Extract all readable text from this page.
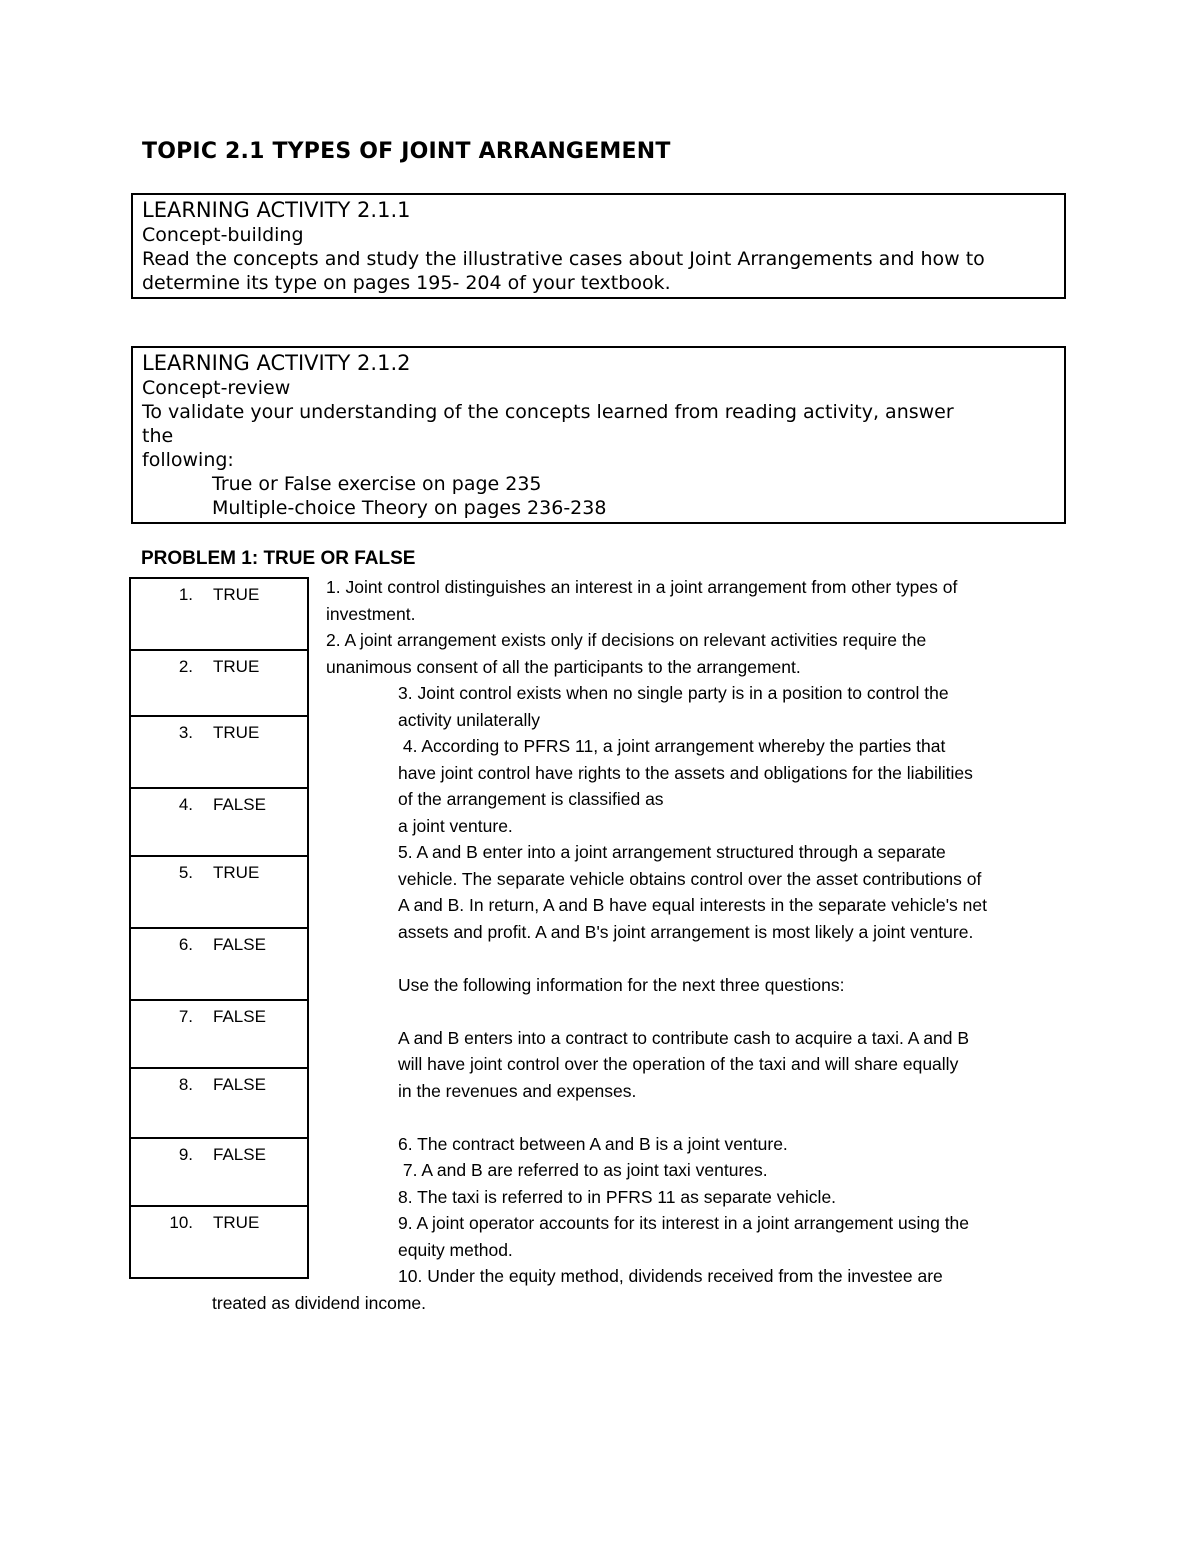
TOPIC 2.1 TYPES OF JOINT ARRANGEMENT
LEARNING ACTIVITY 2.1.1
Concept-building
Read the concepts and study the illustrative cases about Joint Arrangements and how to
determine its type on pages 195- 204 of your textbook.
LEARNING ACTIVITY 2.1.2
Concept-review
To validate your understanding of the concepts learned from reading activity, answer
the
following:
True or False exercise on page 235
Multiple-choice Theory on pages 236-238
PROBLEM 1: TRUE OR FALSE
1. TRUE
2. TRUE
3. TRUE
4. FALSE
5. TRUE
6. FALSE
7. FALSE
8. FALSE
9. FALSE
10. TRUE

1. Joint control distinguishes an interest in a joint arrangement from other types of

investment.

2. A joint arrangement exists only if decisions on relevant activities require the

unanimous consent of all the participants to the arrangement.

3. Joint control exists when no single party is in a position to control the

activity unilaterally

4. According to PFRS 11, a joint arrangement whereby the parties that

have joint control have rights to the assets and obligations for the liabilities

of the arrangement is classified as

a joint venture.

5. A and B enter into a joint arrangement structured through a separate

vehicle. The separate vehicle obtains control over the asset contributions of

A and B. In return, A and B have equal interests in the separate vehicle's net

assets and profit. A and B's joint arrangement is most likely a joint venture.

Use the following information for the next three questions:

A and B enters into a contract to contribute cash to acquire a taxi. A and B

will have joint control over the operation of the taxi and will share equally

in the revenues and expenses.

6. The contract between A and B is a joint venture.

7. A and B are referred to as joint taxi ventures.

8. The taxi is referred to in PFRS 11 as separate vehicle.

9. A joint operator accounts for its interest in a joint arrangement using the

equity method.

10. Under the equity method, dividends received from the investee are

treated as dividend income.
